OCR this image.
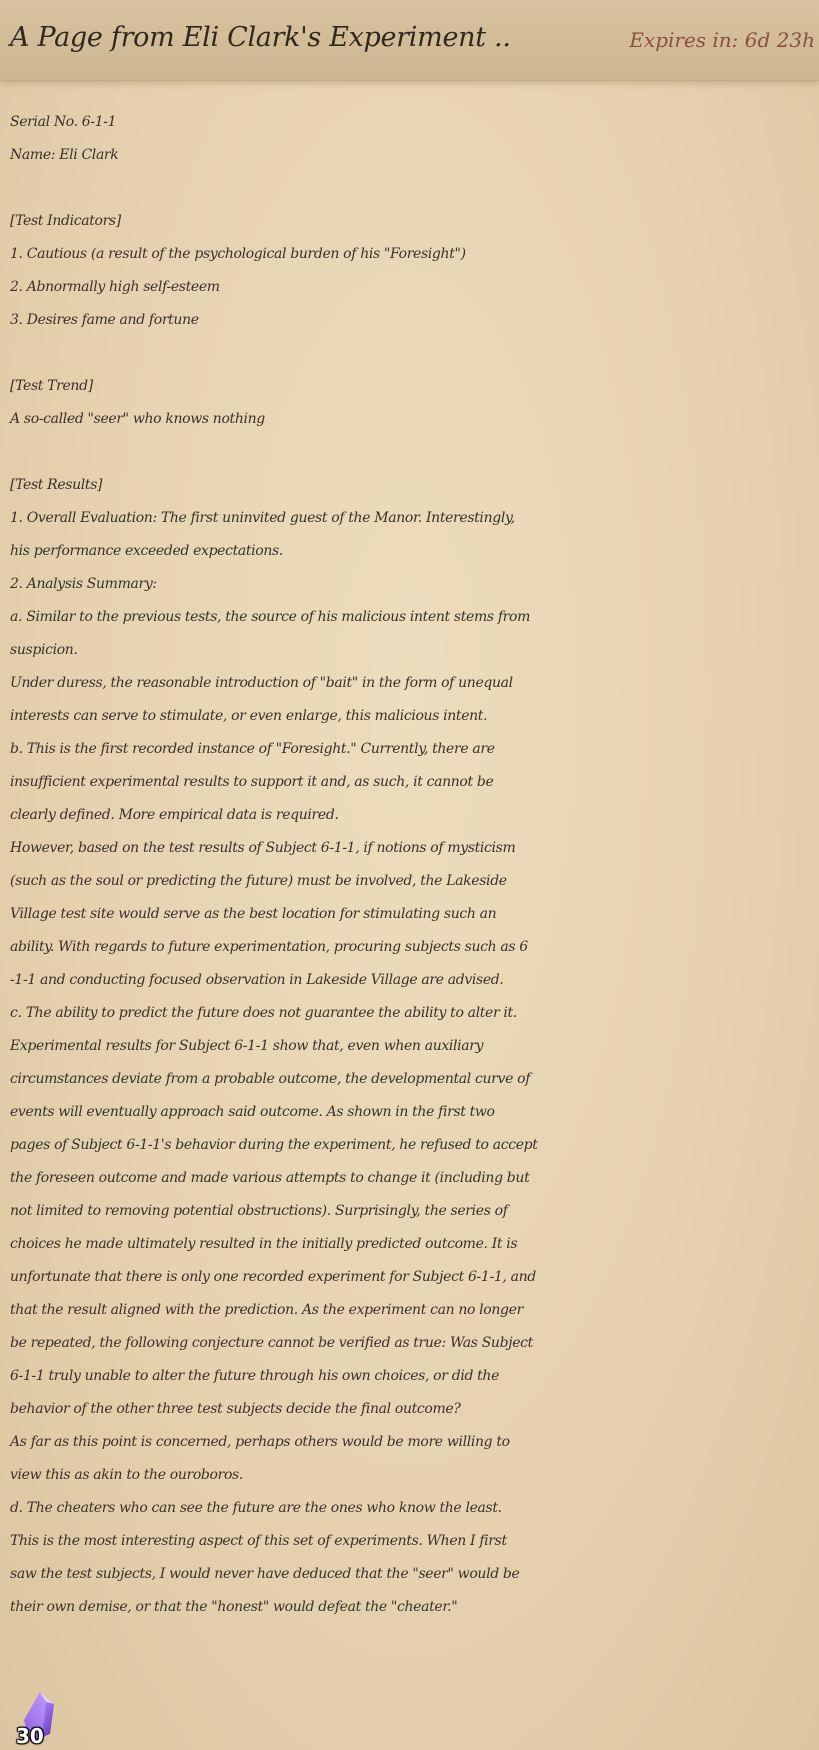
A Page from Eli Clark's Experiment ..	Expires in: 6d 23h
Serial No. 6-1-1
Name: Eli Clark
[Test Indicators]
1. Cautious (a result of the psychological burden of his "Foresight")
2. Abnormally high self-esteem
3. Desires fame and fortune
[Test Trend]
A so-called "seer" who knows nothing
[Test Results]
1. Overall Evaluation: The first uninvited guest of the Manor. Interestingly,
his performance exceeded expectations.
2. Analysis Summary:
a. Similar to the previous tests, the source of his malicious intent stems from
suspicion.
Under duress, the reasonable introduction of "bait" in the form of unequal
interests can serve to stimulate, or even enlarge, this malicious intent.
b. This is the first recorded instance of "Foresight." Currently, there are
insufficient experimental results to support it and, as such, it cannot be
clearly defined. More empirical data is required.
However, based on the test results of Subject 6-1-1, if notions of mysticism
(such as the soul or predicting the future) must be involved, the Lakeside
Village test site would serve as the best location for stimulating such an
ability. With regards to future experimentation, procuring subjects such as 6
-1-1 and conducting focused observation in Lakeside Village are advised.
c. The ability to predict the future does not guarantee the ability to alter it.
Experimental results for Subject 6-1-1 show that, even when auxiliary
circumstances deviate from a probable outcome, the developmental curve of
events will eventually approach said outcome. As shown in the first two
pages of Subject 6-1-1's behavior during the experiment, he refused to accept
the foreseen outcome and made various attempts to change it (including but
not limited to removing potential obstructions). Surprisingly, the series of
choices he made ultimately resulted in the initially predicted outcome. It is
unfortunate that there is only one recorded experiment for Subject 6-1-1, and
that the result aligned with the prediction. As the experiment can no longer
be repeated, the following conjecture cannot be verified as true: Was Subject
6-1-1 truly unable to alter the future through his own choices, or did the
behavior of the other three test subjects decide the final outcome?
As far as this point is concerned, perhaps others would be more willing to
view this as akin to the ouroboros.
d. The cheaters who can see the future are the ones who know the least.
This is the most interesting aspect of this set of experiments. When I first
saw the test subjects, I would never have deduced that the "seer" would be
their own demise, or that the "honest" would defeat the "cheater."
30
